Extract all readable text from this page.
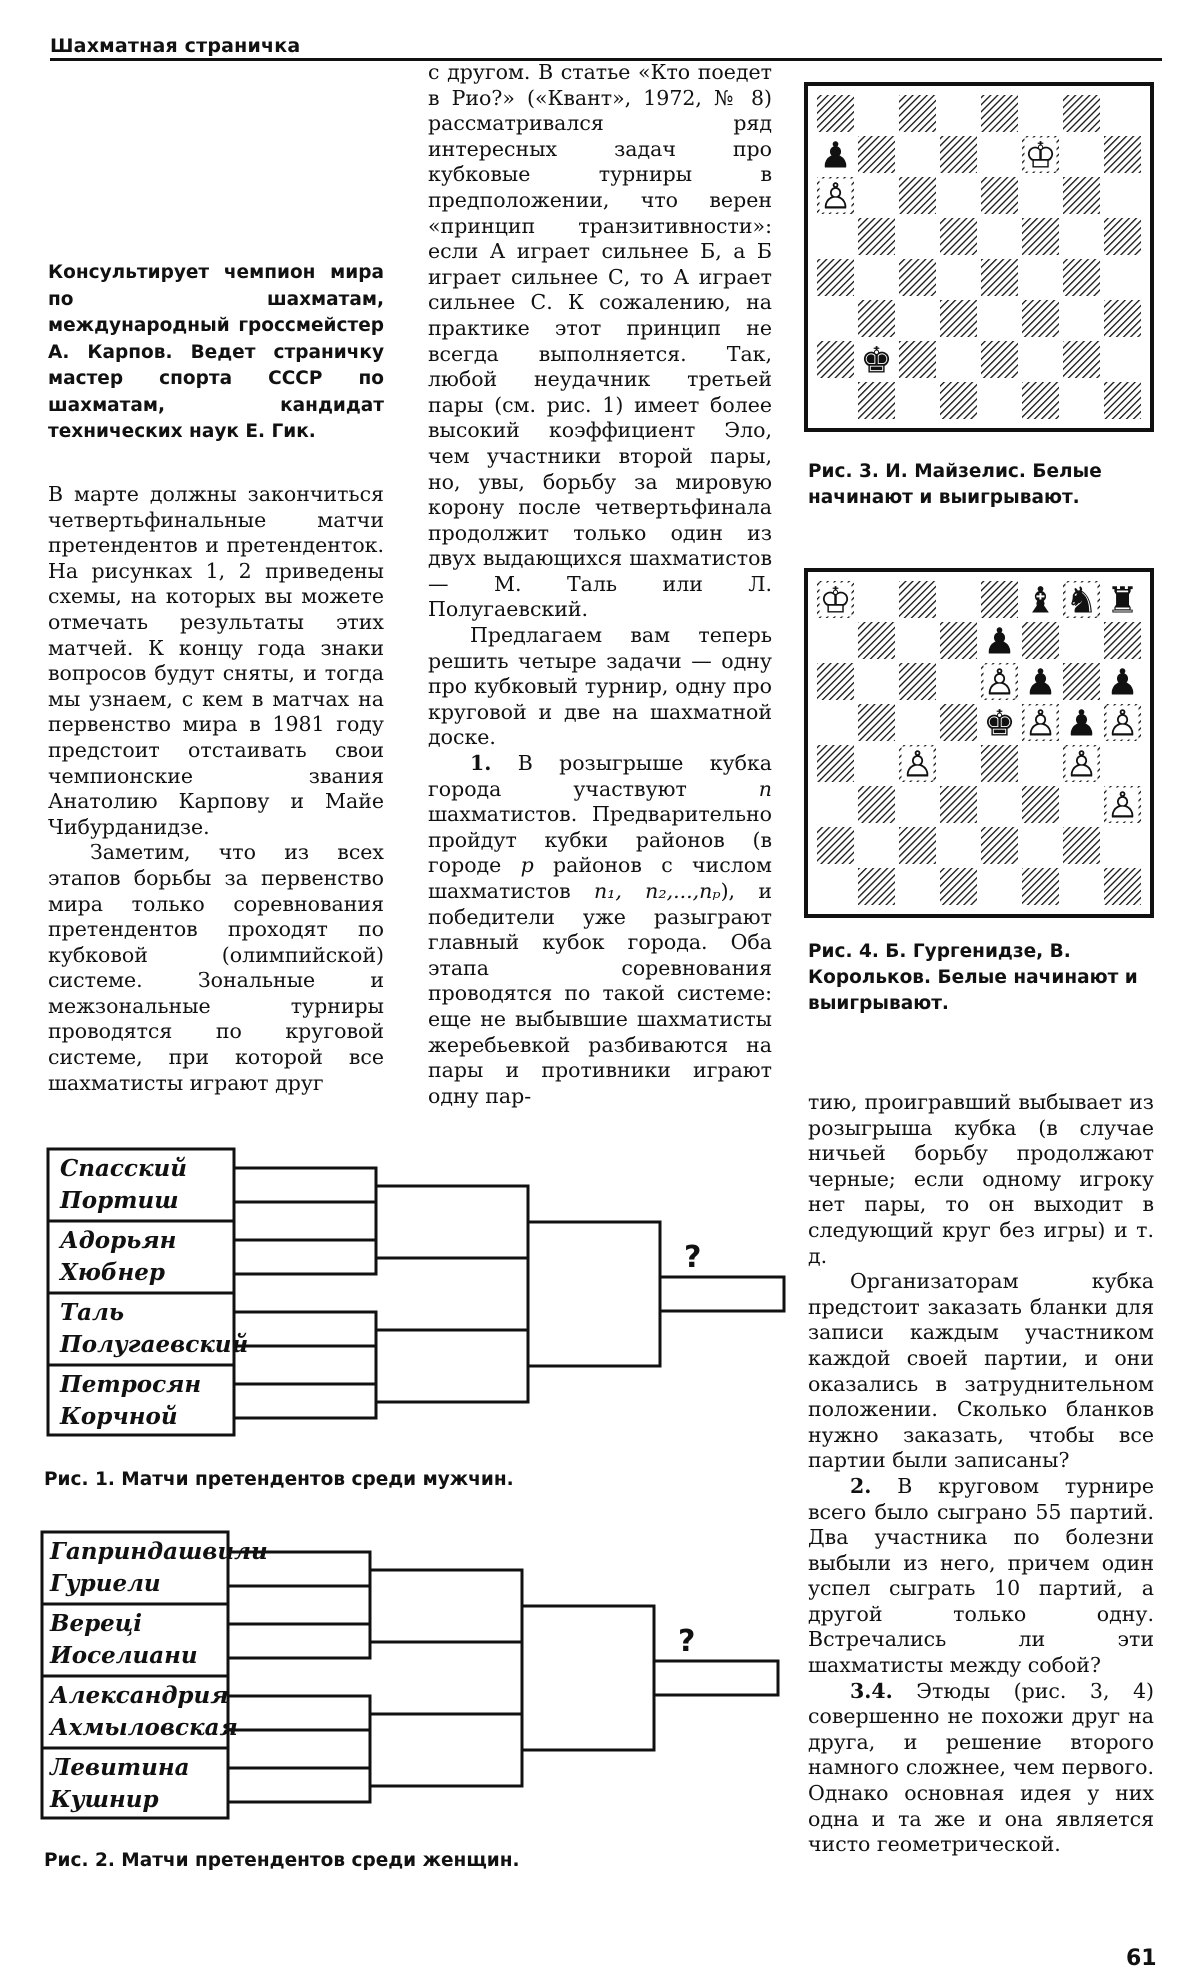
Шахматная страничка
Консультирует чемпион мира по шахматам, международный гроссмейстер А. Карпов. Ведет страничку мастер спорта СССР по шахматам, кандидат технических наук Е. Гик.

В марте должны закончиться четвертьфинальные матчи претендентов и претенденток. На рисунках 1, 2 приведены схемы, на которых вы можете отмечать результаты этих матчей. К концу года знаки вопросов будут сняты, и тогда мы узнаем, с кем в матчах на первенство мира в 1981 году предстоит отстаивать свои чемпионские звания Анатолию Карпову и Майе Чибурданидзе.

Заметим, что из всех этапов борьбы за первенство мира только соревнования претендентов проходят по кубковой (олимпийской) системе. Зональные и межзональные турниры проводятся по круговой системе, при которой все шахматисты играют друг

с другом. В статье «Кто поедет в Рио?» («Квант», 1972, № 8) рассматривался ряд интересных задач про кубковые турниры в предположении, что верен «принцип транзитивности»: если А играет сильнее Б, а Б играет сильнее С, то А играет сильнее С. К сожалению, на практике этот принцип не всегда выполняется. Так, любой неудачник третьей пары (см. рис. 1) имеет более высокий коэффициент Эло, чем участники второй пары, но, увы, борьбу за мировую корону после четвертьфинала продолжит только один из двух выдающихся шахматистов — М. Таль или Л. Полугаевский.

Предлагаем вам теперь решить четыре задачи — одну про кубковый турнир, одну про круговой и две на шахматной доске.

1. В розыгрыше кубка города участвуют n шахматистов. Предварительно пройдут кубки районов (в городе p районов с числом шахматистов n₁, n₂,...,nₚ), и победители уже разыграют главный кубок города. Оба этапа соревнования проводятся по такой системе: еще не выбывшие шахматисты жеребьевкой разбиваются на пары и противники играют одну пар-	тию, проигравший выбывает из розыгрыша кубка (в случае ничьей борьбу продолжают черные; если одному игроку нет пары, то он выходит в следующий круг без игры) и т. д.

Организаторам кубка предстоит заказать бланки для записи каждым участником каждой своей партии, и они оказались в затруднительном положении. Сколько бланков нужно заказать, чтобы все партии были записаны?

2. В круговом турнире всего было сыграно 55 партий. Два участника по болезни выбыли из него, причем один успел сыграть 10 партий, а другой только одну. Встречались ли эти шахматисты между собой?

3.4. Этюды (рис. 3, 4) совершенно не похожи друг на друга, и решение второго намного сложнее, чем первого. Однако основная идея у них одна и та же и она является чисто геометрической.

♟	♔
♙
♚
Рис. 3. И. Майзелис. Белые начинают и выигрывают.
♔	♝ ♞ ♜
♟
♙ ♟ ♟
♚ ♙ ♟ ♙
♙	♙
♙
Рис. 4. Б. Гургенидзе, В. Корольков. Белые начинают и выигрывают.
Спасский
Портиш
Адорьян
Хюбнер
Таль
Полугаевский
Петросян
Корчной
?
Рис. 1. Матчи претендентов среди мужчин.
Гаприндашвили
Гуриели
Верецi
Иоселиани
Александрия
Ахмыловская
Левитина
Кушнир
?
Рис. 2. Матчи претендентов среди женщин.
61
